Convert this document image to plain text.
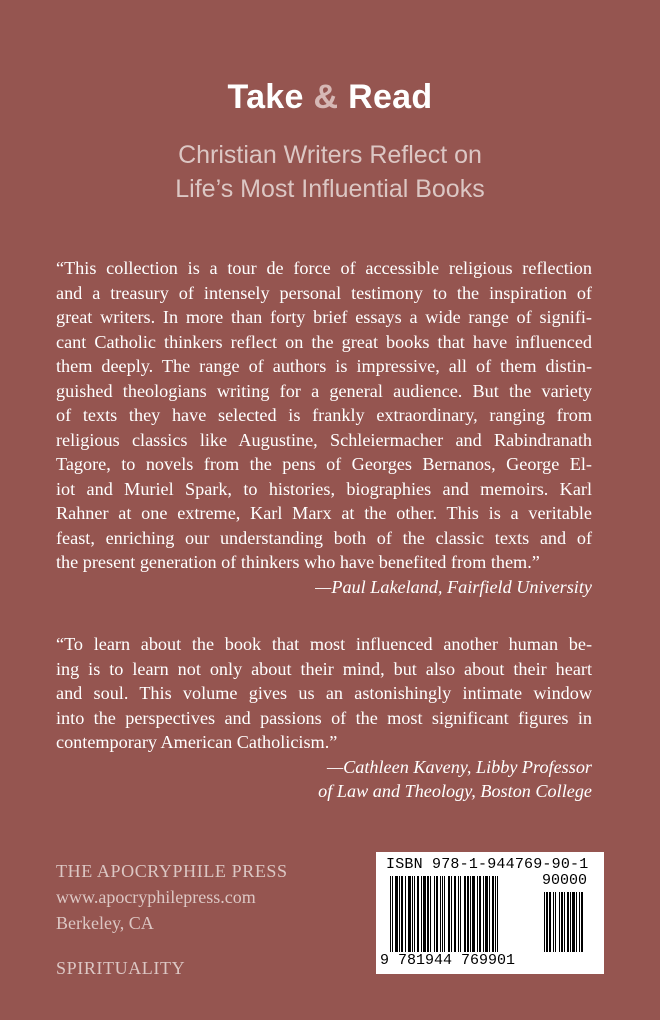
Take & Read
Christian Writers Reflect on
Life’s Most Influential Books
“This collection is a tour de force of accessible religious reflection
and a treasury of intensely personal testimony to the inspiration of
great writers. In more than forty brief essays a wide range of signifi-
cant Catholic thinkers reflect on the great books that have influenced
them deeply. The range of authors is impressive, all of them distin-
guished theologians writing for a general audience. But the variety
of texts they have selected is frankly extraordinary, ranging from
religious classics like Augustine, Schleiermacher and Rabindranath
Tagore, to novels from the pens of Georges Bernanos, George El-
iot and Muriel Spark, to histories, biographies and memoirs. Karl
Rahner at one extreme, Karl Marx at the other. This is a veritable
feast, enriching our understanding both of the classic texts and of
the present generation of thinkers who have benefited from them.”
—Paul Lakeland, Fairfield University
“To learn about the book that most influenced another human be-
ing is to learn not only about their mind, but also about their heart
and soul. This volume gives us an astonishingly intimate window
into the perspectives and passions of the most significant figures in
contemporary American Catholicism.”
—Cathleen Kaveny, Libby Professor
of Law and Theology, Boston College
THE APOCRYPHILE PRESS
www.apocryphilepress.com
Berkeley, CA
SPIRITUALITY
ISBN 978-1-944769-90-1
90000
9 781944 769901
